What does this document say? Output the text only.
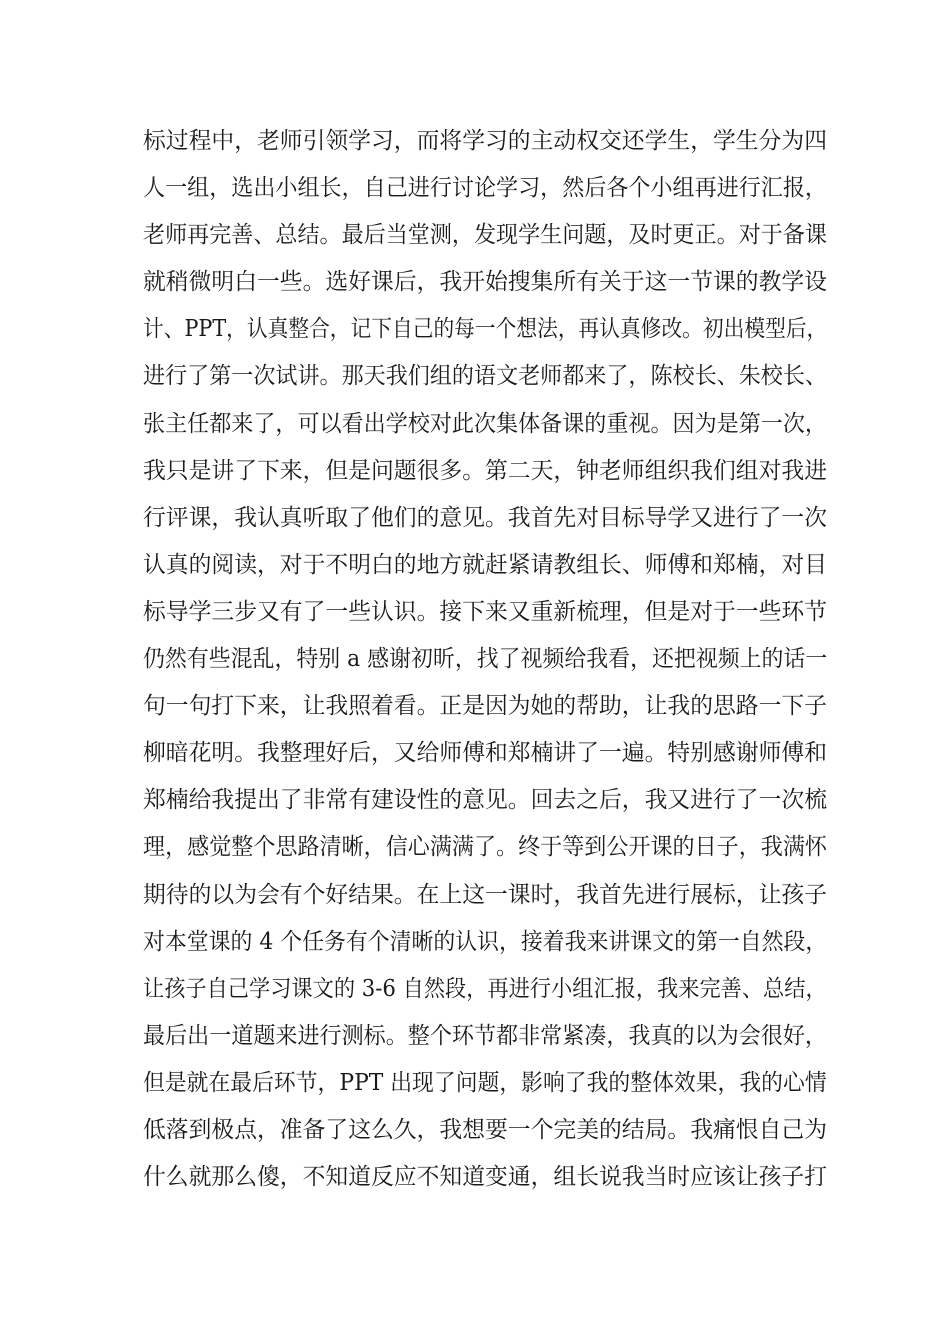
标过程中，老师引领学习，而将学习的主动权交还学生，学生分为四
人一组，选出小组长，自己进行讨论学习，然后各个小组再进行汇报，
老师再完善、总结。最后当堂测，发现学生问题，及时更正。对于备课
就稍微明白一些。选好课后，我开始搜集所有关于这一节课的教学设
计、PPT，认真整合，记下自己的每一个想法，再认真修改。初出模型后，
进行了第一次试讲。那天我们组的语文老师都来了，陈校长、朱校长、
张主任都来了，可以看出学校对此次集体备课的重视。因为是第一次，
我只是讲了下来，但是问题很多。第二天，钟老师组织我们组对我进
行评课，我认真听取了他们的意见。我首先对目标导学又进行了一次
认真的阅读，对于不明白的地方就赶紧请教组长、师傅和郑楠，对目
标导学三步又有了一些认识。接下来又重新梳理，但是对于一些环节
仍然有些混乱，特别 a 感谢初昕，找了视频给我看，还把视频上的话一
句一句打下来，让我照着看。正是因为她的帮助，让我的思路一下子
柳暗花明。我整理好后，又给师傅和郑楠讲了一遍。特别感谢师傅和
郑楠给我提出了非常有建设性的意见。回去之后，我又进行了一次梳
理，感觉整个思路清晰，信心满满了。终于等到公开课的日子，我满怀
期待的以为会有个好结果。在上这一课时，我首先进行展标，让孩子
对本堂课的 4 个任务有个清晰的认识，接着我来讲课文的第一自然段，
让孩子自己学习课文的 3-6 自然段，再进行小组汇报，我来完善、总结，
最后出一道题来进行测标。整个环节都非常紧凑，我真的以为会很好，
但是就在最后环节，PPT 出现了问题，影响了我的整体效果，我的心情
低落到极点，准备了这么久，我想要一个完美的结局。我痛恨自己为
什么就那么傻，不知道反应不知道变通，组长说我当时应该让孩子打
